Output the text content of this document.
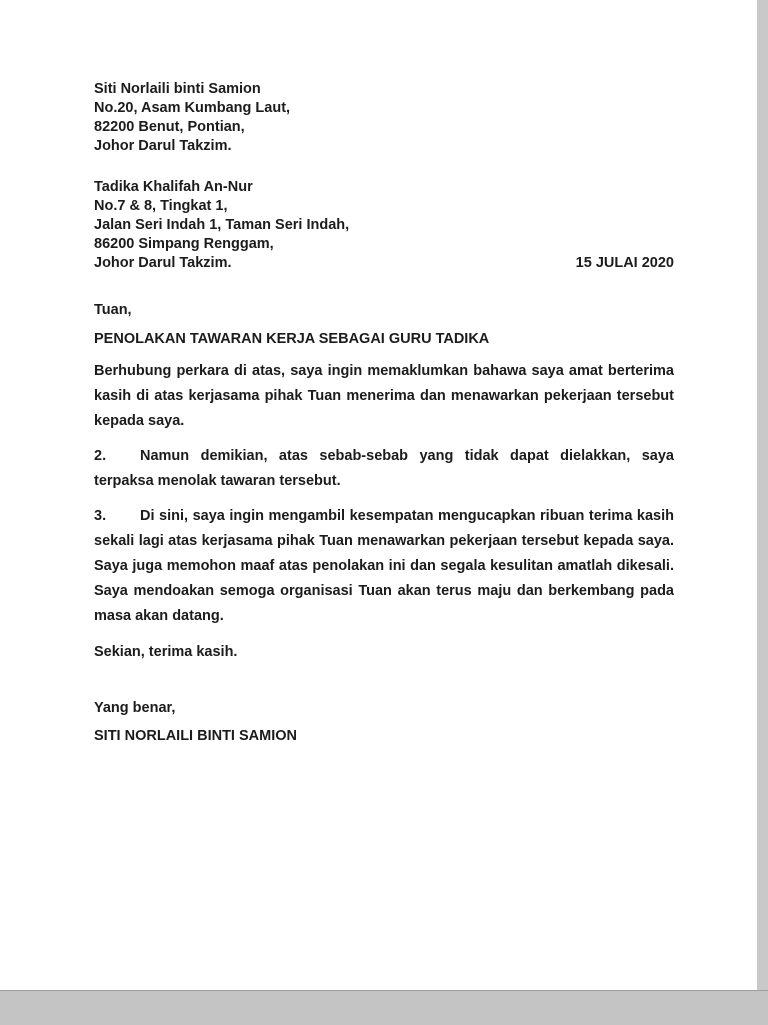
Siti Norlaili binti Samion
No.20, Asam Kumbang Laut,
82200 Benut, Pontian,
Johor Darul Takzim.
Tadika Khalifah An-Nur
No.7 & 8, Tingkat 1,
Jalan Seri Indah 1, Taman Seri Indah,
86200 Simpang Renggam,
Johor Darul Takzim.	15 JULAI 2020
Tuan,
PENOLAKAN TAWARAN KERJA SEBAGAI GURU TADIKA
Berhubung perkara di atas, saya ingin memaklumkan bahawa saya amat berterima kasih di atas kerjasama pihak Tuan menerima dan menawarkan pekerjaan tersebut kepada saya.
2. Namun demikian, atas sebab-sebab yang tidak dapat dielakkan, saya terpaksa menolak tawaran tersebut.
3. Di sini, saya ingin mengambil kesempatan mengucapkan ribuan terima kasih sekali lagi atas kerjasama pihak Tuan menawarkan pekerjaan tersebut kepada saya. Saya juga memohon maaf atas penolakan ini dan segala kesulitan amatlah dikesali. Saya mendoakan semoga organisasi Tuan akan terus maju dan berkembang pada masa akan datang.
Sekian, terima kasih.
Yang benar,
SITI NORLAILI BINTI SAMION
